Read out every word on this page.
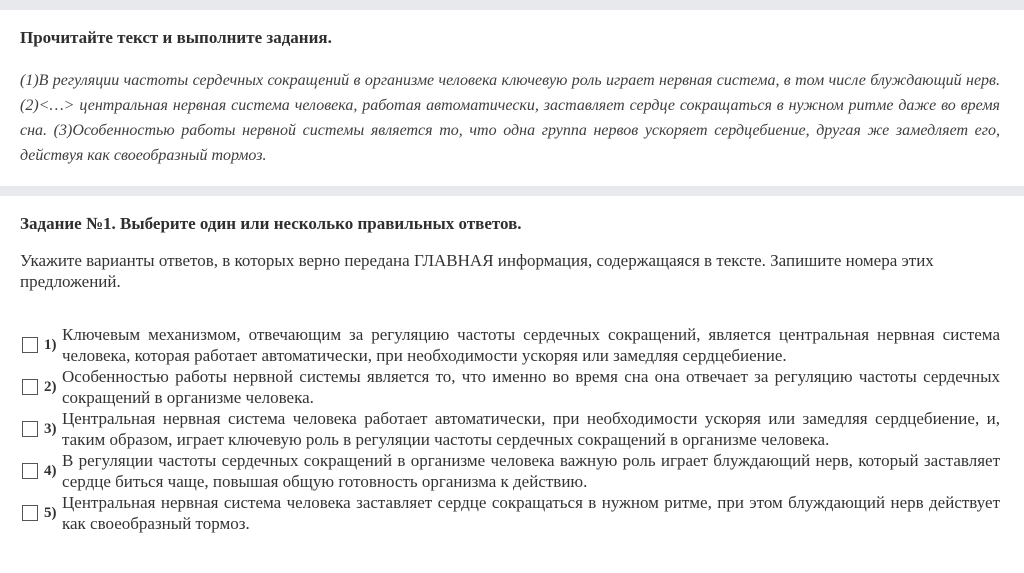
Прочитайте текст и выполните задания.
(1)В регуляции частоты сердечных сокращений в организме человека ключевую роль играет нервная система, в том числе блуждающий нерв. (2)<…> центральная нервная система человека, работая автоматически, заставляет сердце сокращаться в нужном ритме даже во время сна. (3)Особенностью работы нервной системы является то, что одна группа нервов ускоряет сердцебиение, другая же замедляет его, действуя как своеобразный тормоз.
Задание №1. Выберите один или несколько правильных ответов.
Укажите варианты ответов, в которых верно передана ГЛАВНАЯ информация, содержащаяся в тексте. Запишите номера этих предложений.
1)
Ключевым механизмом, отвечающим за регуляцию частоты сердечных сокращений, является центральная нервная система человека, которая работает автоматически, при необходимости ускоряя или замедляя сердцебиение.
2)
Особенностью работы нервной системы является то, что именно во время сна она отвечает за регуляцию частоты сердечных сокращений в организме человека.
3)
Центральная нервная система человека работает автоматически, при необходимости ускоряя или замедляя сердцебиение, и, таким образом, играет ключевую роль в регуляции частоты сердечных сокращений в организме человека.
4)
В регуляции частоты сердечных сокращений в организме человека важную роль играет блуждающий нерв, который заставляет сердце биться чаще, повышая общую готовность организма к действию.
5)
Центральная нервная система человека заставляет сердце сокращаться в нужном ритме, при этом блуждающий нерв действует как своеобразный тормоз.
